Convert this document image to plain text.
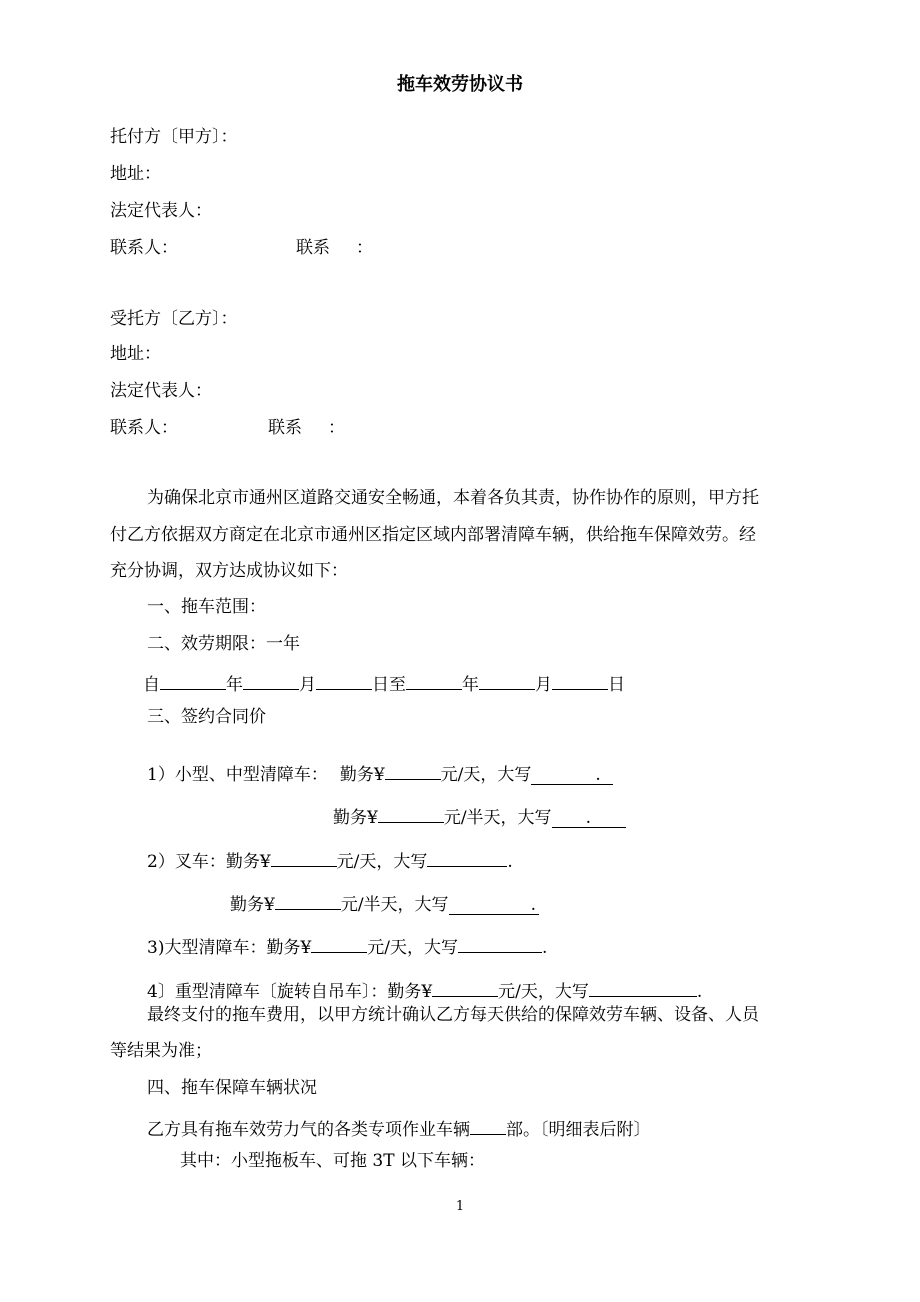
拖车效劳协议书
托付方〔甲方〕：
地址：
法定代表人：
联系人：	联系 ：
受托方〔乙方〕：
地址：
法定代表人：
联系人：	联系 ：
为确保北京市通州区道路交通安全畅通，本着各负其责，协作协作的原则，甲方托
付乙方依据双方商定在北京市通州区指定区域内部署清障车辆，供给拖车保障效劳。经
充分协调，双方达成协议如下：
一、拖车范围：
二、效劳期限：一年
自	年	月	日至	年	月	日
三、签约合同价
1）小型、中型清障车： 勤务¥	元/天，大写	.
勤务¥	元/半天，大写 .
2）叉车：勤务¥	元/天，大写	.
勤务¥	元/半天，大写	.
3)大型清障车：勤务¥	元/天，大写	.
4〕重型清障车〔旋转自吊车〕：勤务¥	元/天，大写	.
最终支付的拖车费用，以甲方统计确认乙方每天供给的保障效劳车辆、设备、人员
等结果为准；
四、拖车保障车辆状况
乙方具有拖车效劳力气的各类专项作业车辆 部。〔明细表后附〕
其中：小型拖板车、可拖 3T 以下车辆：
1
